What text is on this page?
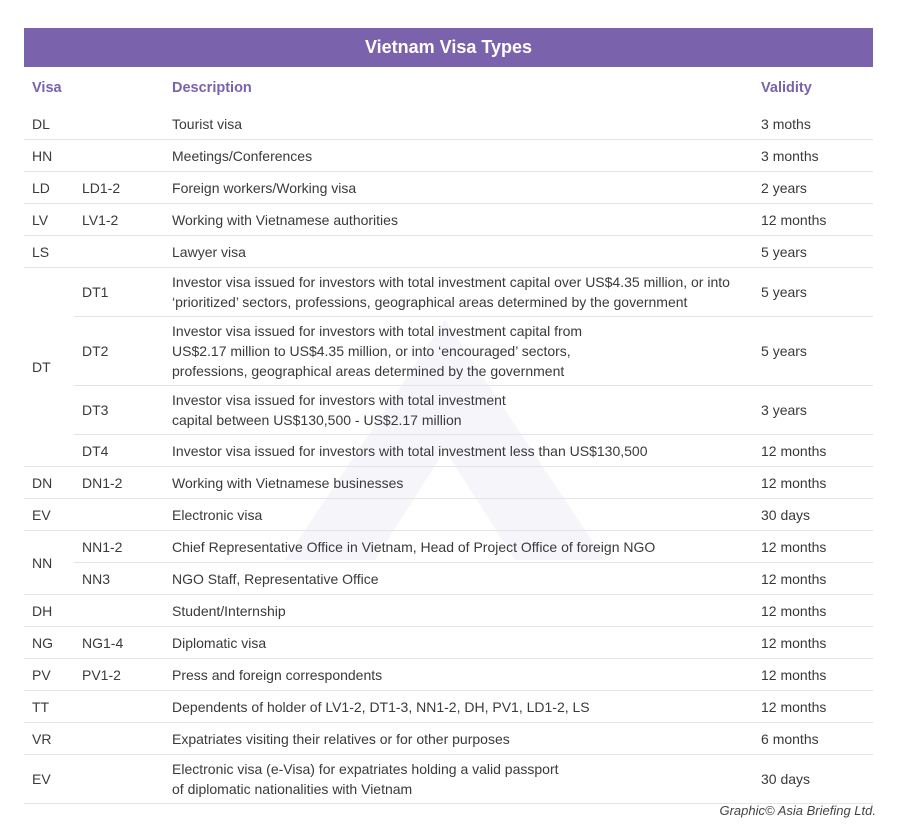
Vietnam Visa Types
Visa		Description	Validity
DL		Tourist visa	3 moths
HN		Meetings/Conferences	3 months
LD	LD1-2	Foreign workers/Working visa	2 years
LV	LV1-2	Working with Vietnamese authorities	12 months
LS		Lawyer visa	5 years
DT	DT1	Investor visa issued for investors with total investment capital over US$4.35 million, or into
‘prioritized’ sectors, professions, geographical areas determined by the government	5 years
	DT2	Investor visa issued for investors with total investment capital from
US$2.17 million to US$4.35 million, or into ‘encouraged’ sectors,
professions, geographical areas determined by the government	5 years
	DT3	Investor visa issued for investors with total investment
capital between US$130,500 - US$2.17 million	3 years
	DT4	Investor visa issued for investors with total investment less than US$130,500	12 months
DN	DN1-2	Working with Vietnamese businesses	12 months
EV		Electronic visa	30 days
NN	NN1-2	Chief Representative Office in Vietnam, Head of Project Office of foreign NGO	12 months
	NN3	NGO Staff, Representative Office	12 months
DH		Student/Internship	12 months
NG	NG1-4	Diplomatic visa	12 months
PV	PV1-2	Press and foreign correspondents	12 months
TT		Dependents of holder of LV1-2, DT1-3, NN1-2, DH, PV1, LD1-2, LS	12 months
VR		Expatriates visiting their relatives or for other purposes	6 months
EV		Electronic visa (e-Visa) for expatriates holding a valid passport
of diplomatic nationalities with Vietnam	30 days
Graphic© Asia Briefing Ltd.
